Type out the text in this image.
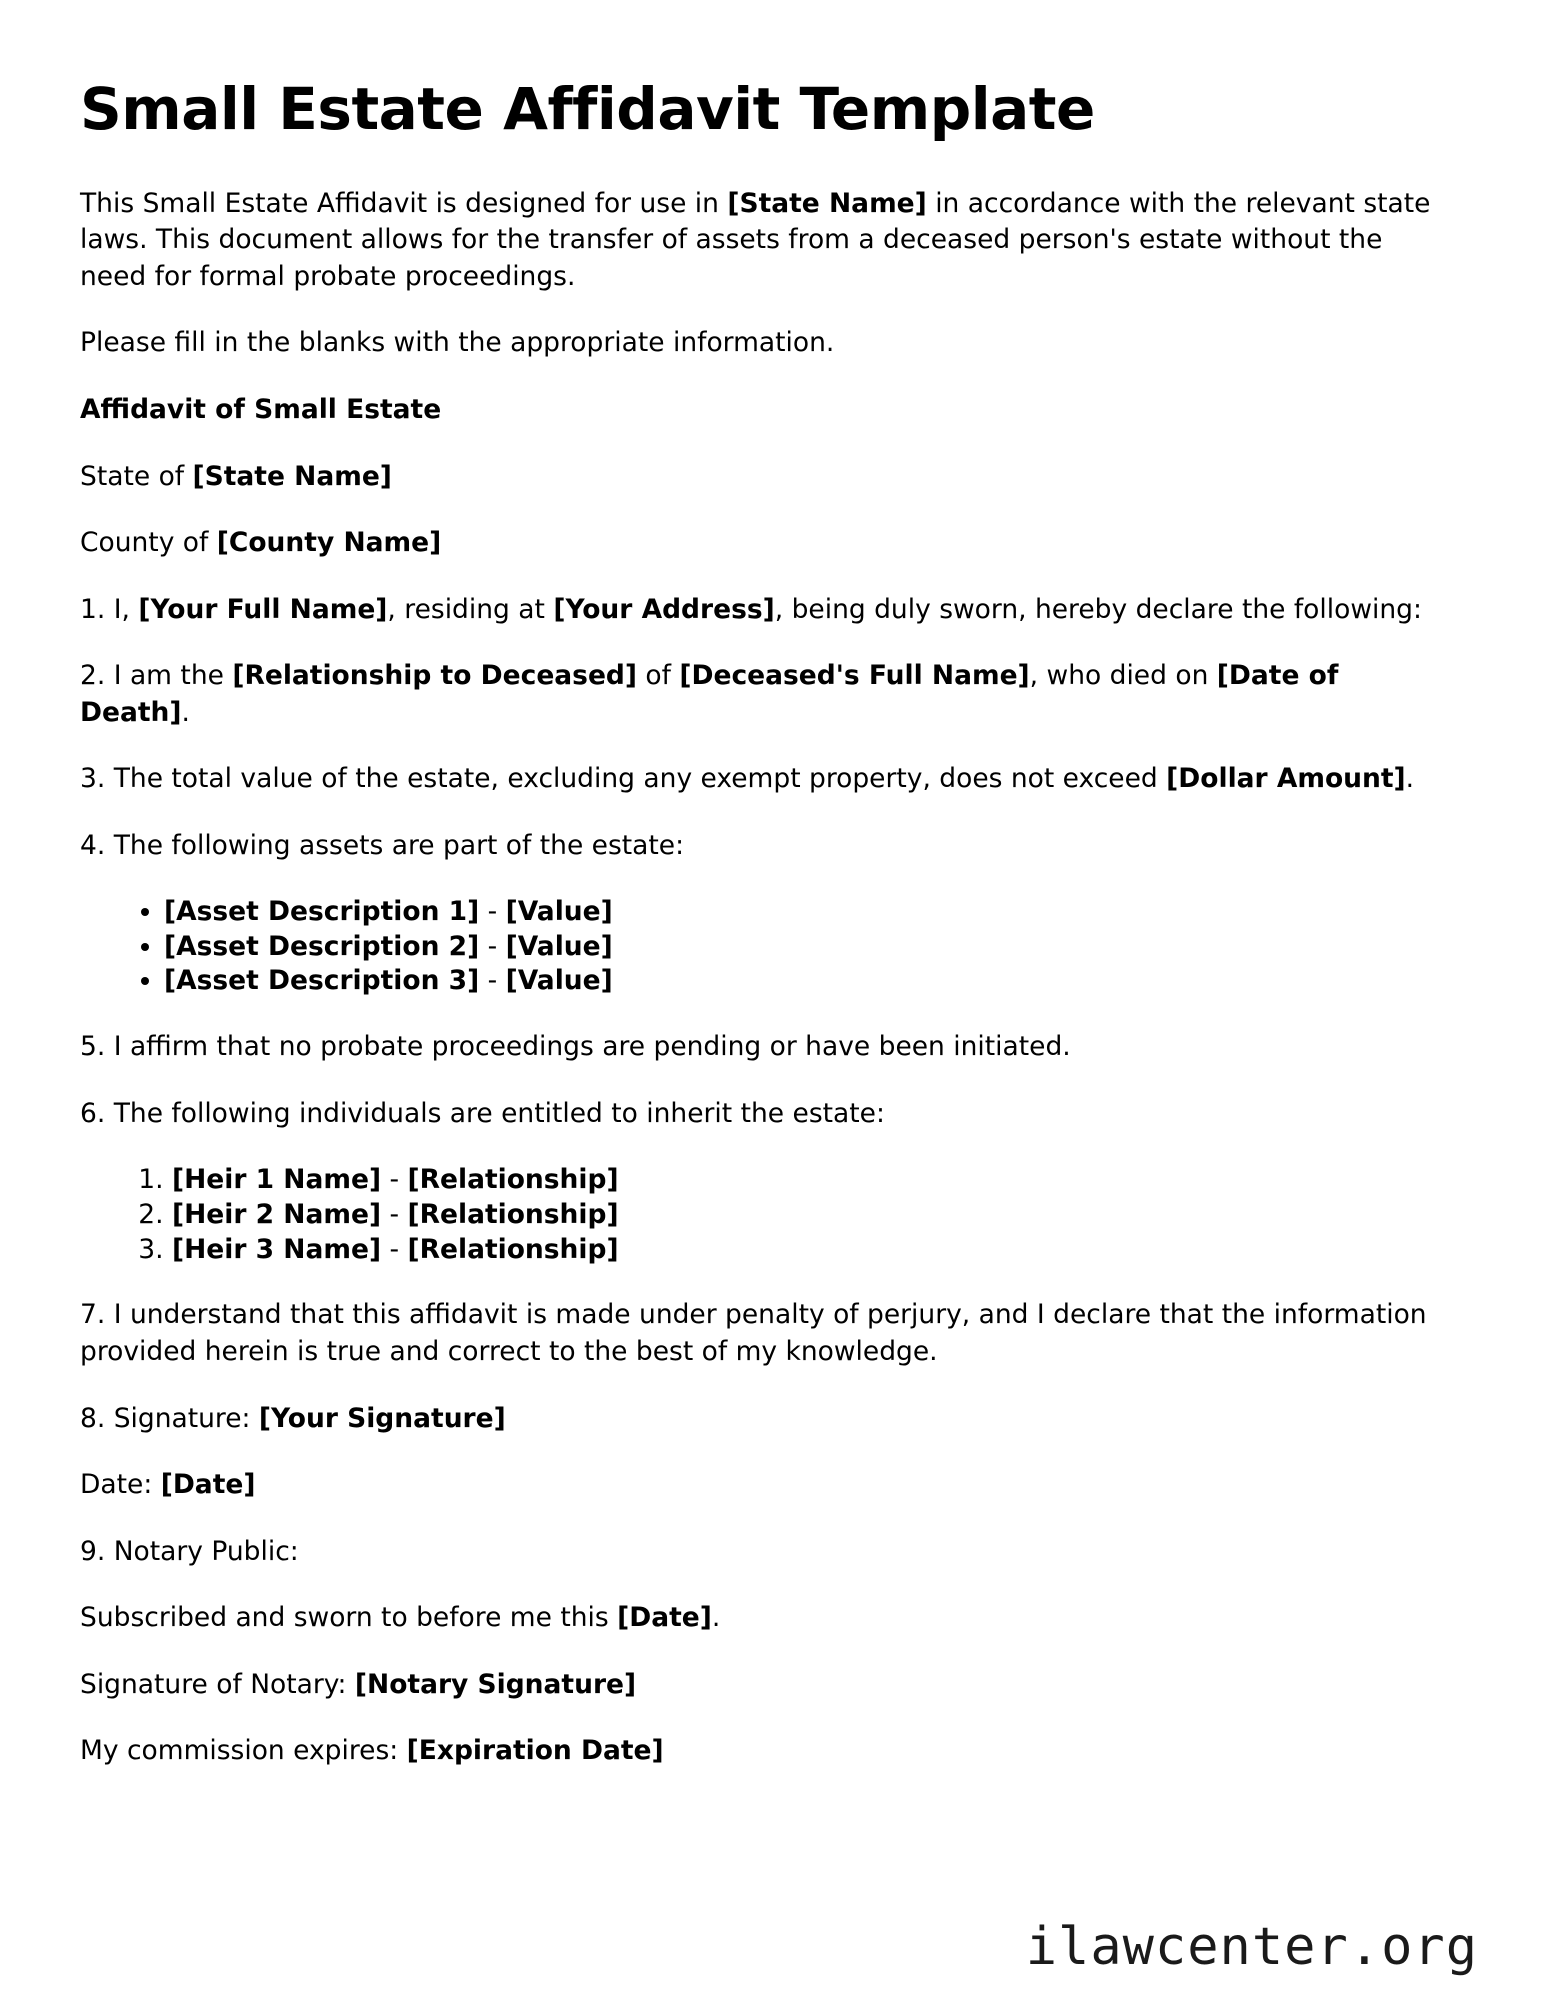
Small Estate Affidavit Template

This Small Estate Affidavit is designed for use in [State Name] in accordance with the relevant state laws. This document allows for the transfer of assets from a deceased person's estate without the need for formal probate proceedings.

Please fill in the blanks with the appropriate information.

Affidavit of Small Estate

State of [State Name]

County of [County Name]

1. I, [Your Full Name], residing at [Your Address], being duly sworn, hereby declare the following:

2. I am the [Relationship to Deceased] of [Deceased's Full Name], who died on [Date of Death].

3. The total value of the estate, excluding any exempt property, does not exceed [Dollar Amount].

4. The following assets are part of the estate:

• [Asset Description 1] - [Value]
• [Asset Description 2] - [Value]
• [Asset Description 3] - [Value]

5. I affirm that no probate proceedings are pending or have been initiated.

6. The following individuals are entitled to inherit the estate:

1. [Heir 1 Name] - [Relationship]
2. [Heir 2 Name] - [Relationship]
3. [Heir 3 Name] - [Relationship]

7. I understand that this affidavit is made under penalty of perjury, and I declare that the information provided herein is true and correct to the best of my knowledge.

8. Signature: [Your Signature]

Date: [Date]

9. Notary Public:

Subscribed and sworn to before me this [Date].

Signature of Notary: [Notary Signature]

My commission expires: [Expiration Date]

ilawcenter.org
